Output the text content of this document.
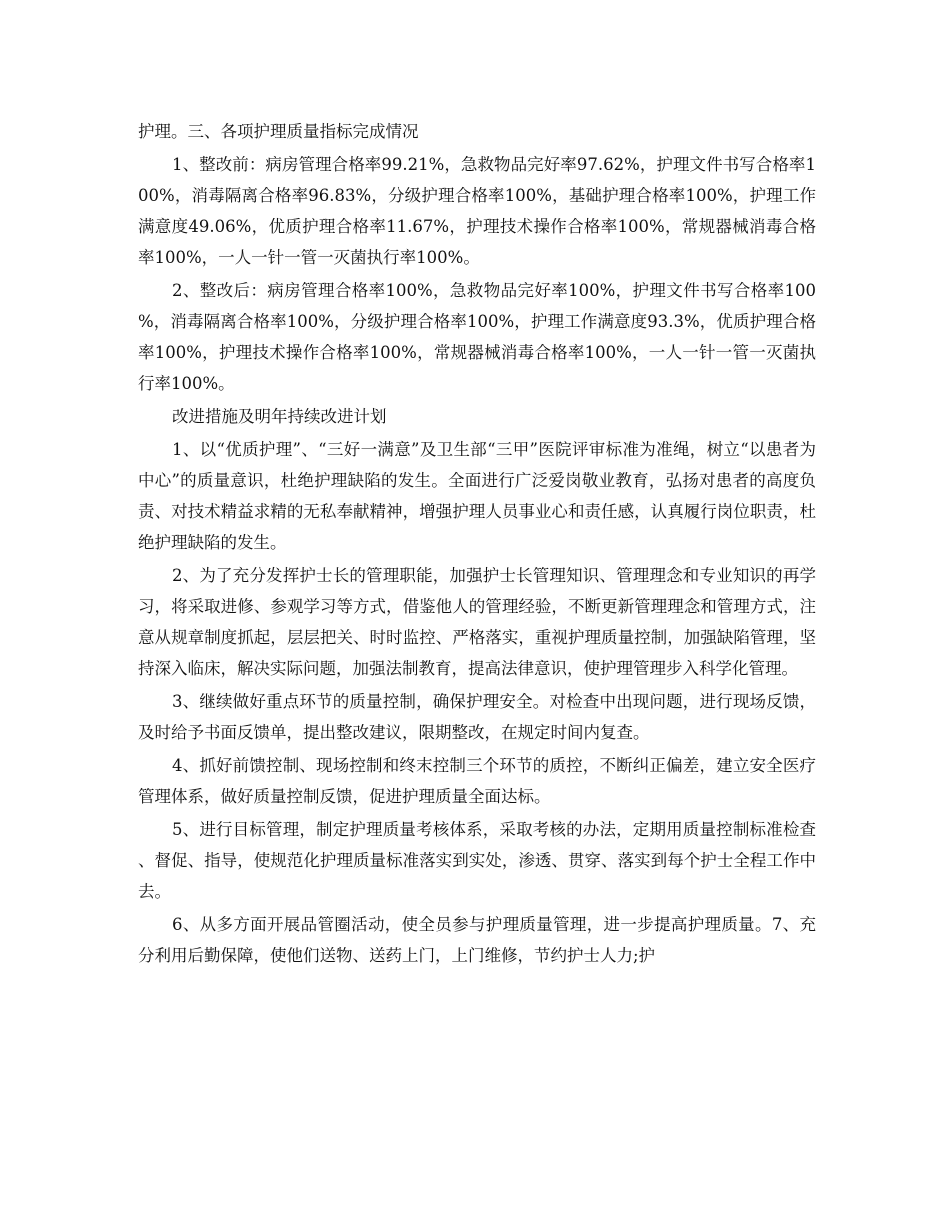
护理。三、各项护理质量指标完成情况

1、整改前：病房管理合格率99.21%，急救物品完好率97.62%，护理文件书写合格率100%，消毒隔离合格率96.83%，分级护理合格率100%，基础护理合格率100%，护理工作满意度49.06%，优质护理合格率11.67%，护理技术操作合格率100%，常规器械消毒合格率100%，一人一针一管一灭菌执行率100%。

2、整改后：病房管理合格率100%，急救物品完好率100%，护理文件书写合格率100%，消毒隔离合格率100%，分级护理合格率100%，护理工作满意度93.3%，优质护理合格率100%，护理技术操作合格率100%，常规器械消毒合格率100%，一人一针一管一灭菌执行率100%。

改进措施及明年持续改进计划

1、以“优质护理”、“三好一满意”及卫生部“三甲”医院评审标准为准绳，树立“以患者为中心”的质量意识，杜绝护理缺陷的发生。全面进行广泛爱岗敬业教育，弘扬对患者的高度负责、对技术精益求精的无私奉献精神，增强护理人员事业心和责任感，认真履行岗位职责，杜绝护理缺陷的发生。

2、为了充分发挥护士长的管理职能，加强护士长管理知识、管理理念和专业知识的再学习，将采取进修、参观学习等方式，借鉴他人的管理经验，不断更新管理理念和管理方式，注意从规章制度抓起，层层把关、时时监控、严格落实，重视护理质量控制，加强缺陷管理，坚持深入临床，解决实际问题，加强法制教育，提高法律意识，使护理管理步入科学化管理。

3、继续做好重点环节的质量控制，确保护理安全。对检查中出现问题，进行现场反馈，及时给予书面反馈单，提出整改建议，限期整改，在规定时间内复查。

4、抓好前馈控制、现场控制和终末控制三个环节的质控，不断纠正偏差，建立安全医疗管理体系，做好质量控制反馈，促进护理质量全面达标。

5、进行目标管理，制定护理质量考核体系，采取考核的办法，定期用质量控制标准检查、督促、指导，使规范化护理质量标准落实到实处，渗透、贯穿、落实到每个护士全程工作中去。

6、从多方面开展品管圈活动，使全员参与护理质量管理，进一步提高护理质量。7、充分利用后勤保障，使他们送物、送药上门，上门维修，节约护士人力;护
